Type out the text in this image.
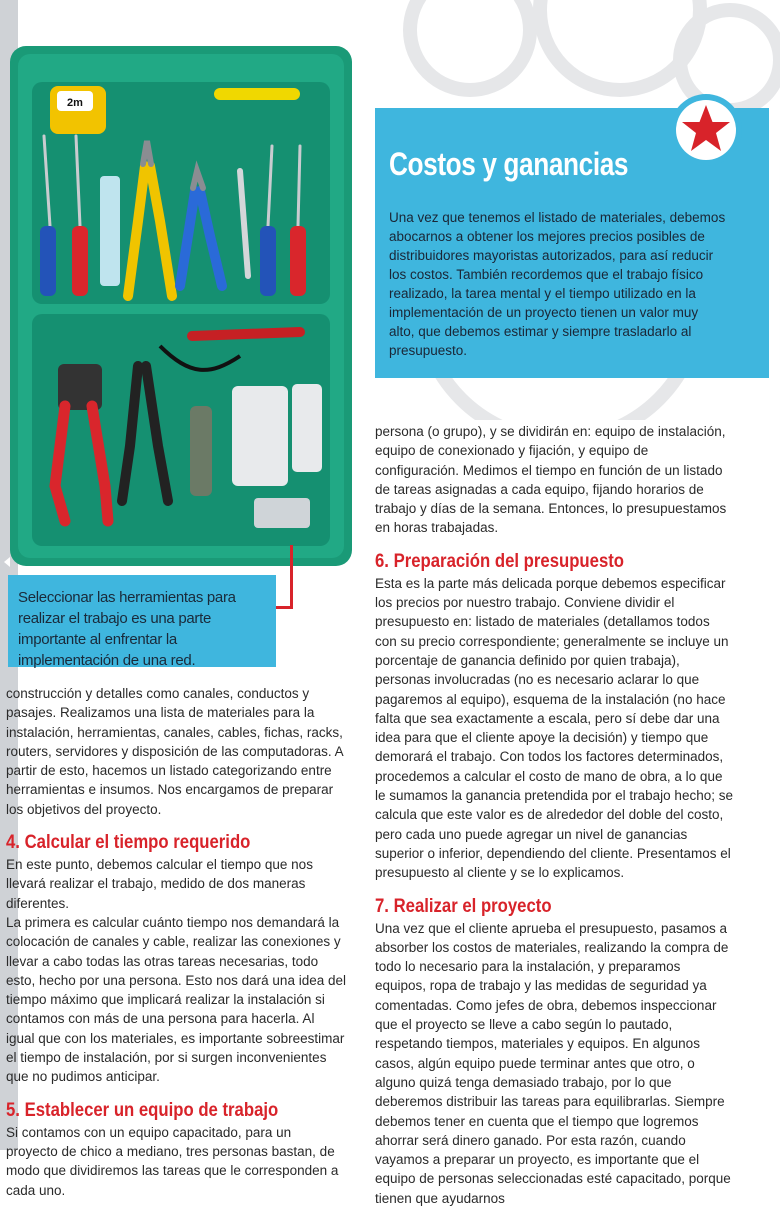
2m

Seleccionar las herramientas para realizar el trabajo es una parte importante al enfrentar la implementación de una red.

Costos y ganancias

Una vez que tenemos el listado de materiales, debemos abocarnos a obtener los mejores precios posibles de distribuidores mayoristas autorizados, para así reducir los costos. También recordemos que el trabajo físico realizado, la tarea mental y el tiempo utilizado en la implementación de un proyecto tienen un valor muy alto, que debemos estimar y siempre trasladarlo al presupuesto.

construcción y detalles como canales, conductos y pasajes. Realizamos una lista de materiales para la instalación, herramientas, canales, cables, fichas, racks, routers, servidores y disposición de las computadoras. A partir de esto, hacemos un listado categorizando entre herramientas e insumos. Nos encargamos de preparar los objetivos del proyecto.

4. Calcular el tiempo requerido

En este punto, debemos calcular el tiempo que nos llevará realizar el trabajo, medido de dos maneras diferentes.

La primera es calcular cuánto tiempo nos demandará la colocación de canales y cable, realizar las conexiones y llevar a cabo todas las otras tareas necesarias, todo esto, hecho por una persona. Esto nos dará una idea del tiempo máximo que implicará realizar la instalación si contamos con más de una persona para hacerla. Al igual que con los materiales, es importante sobreestimar el tiempo de instalación, por si surgen inconvenientes que no pudimos anticipar.

5. Establecer un equipo de trabajo

Si contamos con un equipo capacitado, para un proyecto de chico a mediano, tres personas bastan, de modo que dividiremos las tareas que le corresponden a cada uno.

persona (o grupo), y se dividirán en: equipo de instalación, equipo de conexionado y fijación, y equipo de configuración. Medimos el tiempo en función de un listado de tareas asignadas a cada equipo, fijando horarios de trabajo y días de la semana. Entonces, lo presupuestamos en horas trabajadas.

6. Preparación del presupuesto

Esta es la parte más delicada porque debemos especificar los precios por nuestro trabajo. Conviene dividir el presupuesto en: listado de materiales (detallamos todos con su precio correspondiente; generalmente se incluye un porcentaje de ganancia definido por quien trabaja), personas involucradas (no es necesario aclarar lo que pagaremos al equipo), esquema de la instalación (no hace falta que sea exactamente a escala, pero sí debe dar una idea para que el cliente apoye la decisión) y tiempo que demorará el trabajo. Con todos los factores determinados, procedemos a calcular el costo de mano de obra, a lo que le sumamos la ganancia pretendida por el trabajo hecho; se calcula que este valor es de alrededor del doble del costo, pero cada uno puede agregar un nivel de ganancias superior o inferior, dependiendo del cliente. Presentamos el presupuesto al cliente y se lo explicamos.

7. Realizar el proyecto

Una vez que el cliente aprueba el presupuesto, pasamos a absorber los costos de materiales, realizando la compra de todo lo necesario para la instalación, y preparamos equipos, ropa de trabajo y las medidas de seguridad ya comentadas. Como jefes de obra, debemos inspeccionar que el proyecto se lleve a cabo según lo pautado, respetando tiempos, materiales y equipos. En algunos casos, algún equipo puede terminar antes que otro, o alguno quizá tenga demasiado trabajo, por lo que deberemos distribuir las tareas para equilibrarlas. Siempre debemos tener en cuenta que el tiempo que logremos ahorrar será dinero ganado. Por esta razón, cuando vayamos a preparar un proyecto, es importante que el equipo de personas seleccionadas esté capacitado, porque tienen que ayudarnos
